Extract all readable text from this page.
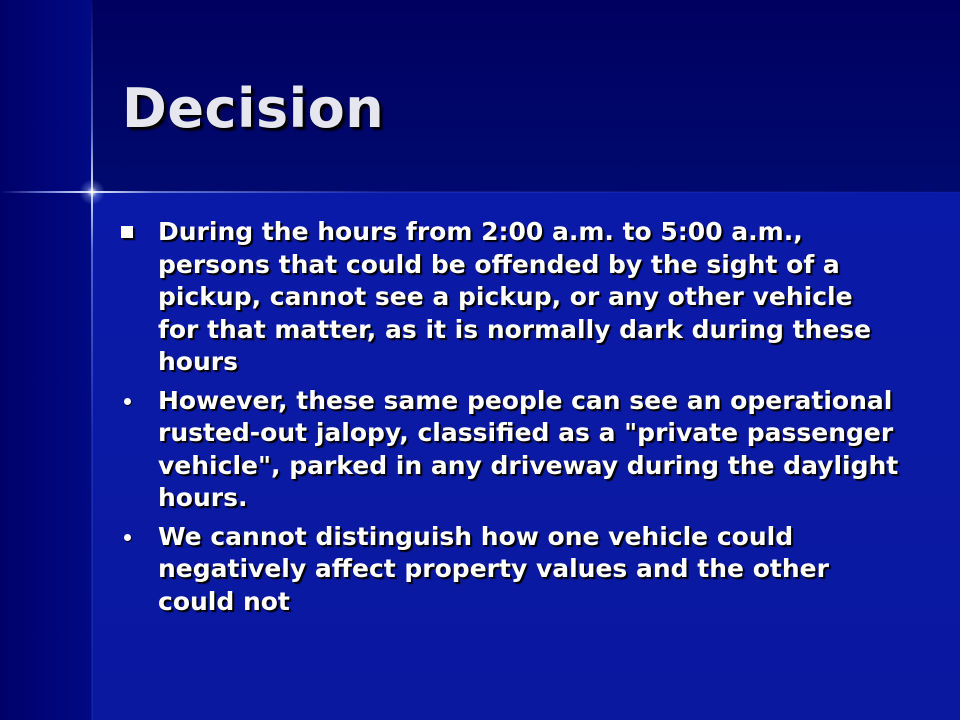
Decision
During the hours from 2:00 a.m. to 5:00 a.m., persons that could be offended by the sight of a pickup, cannot see a pickup, or any other vehicle for that matter, as it is normally dark during these hours
However, these same people can see an operational rusted-out jalopy, classified as a "private passenger vehicle", parked in any driveway during the daylight hours.
We cannot distinguish how one vehicle could negatively affect property values and the other could not
